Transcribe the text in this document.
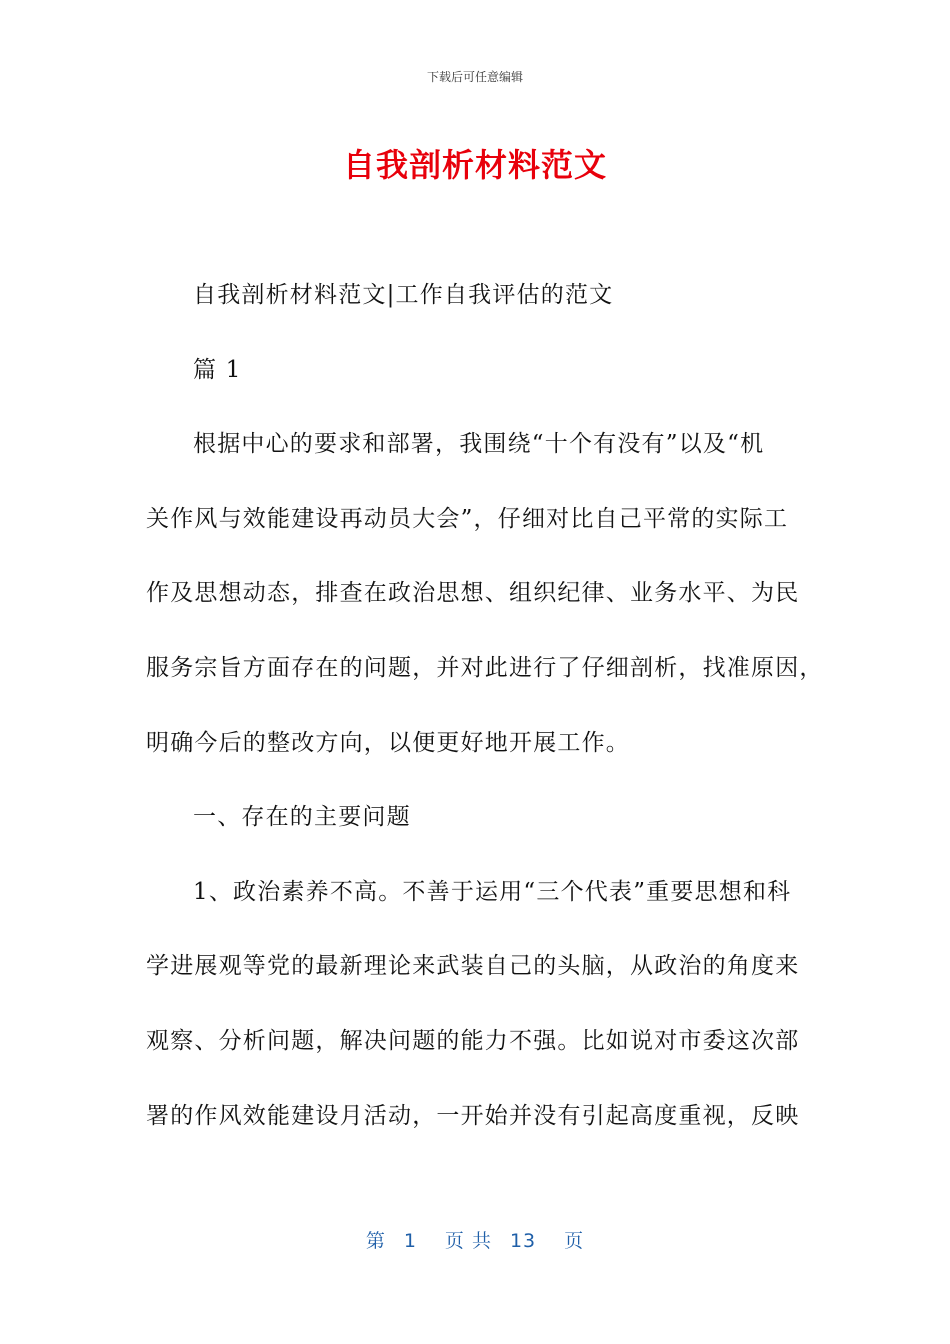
下载后可任意编辑
自我剖析材料范文
自我剖析材料范文|工作自我评估的范文
篇 1
根据中心的要求和部署，我围绕“十个有没有”以及“机
关作风与效能建设再动员大会”，仔细对比自己平常的实际工
作及思想动态，排查在政治思想、组织纪律、业务水平、为民
服务宗旨方面存在的问题，并对此进行了仔细剖析，找准原因，
明确今后的整改方向，以便更好地开展工作。
一、存在的主要问题
1、政治素养不高。不善于运用“三个代表”重要思想和科
学进展观等党的最新理论来武装自己的头脑，从政治的角度来
观察、分析问题，解决问题的能力不强。比如说对市委这次部
署的作风效能建设月活动，一开始并没有引起高度重视，反映
第 1 页 共 13 页
